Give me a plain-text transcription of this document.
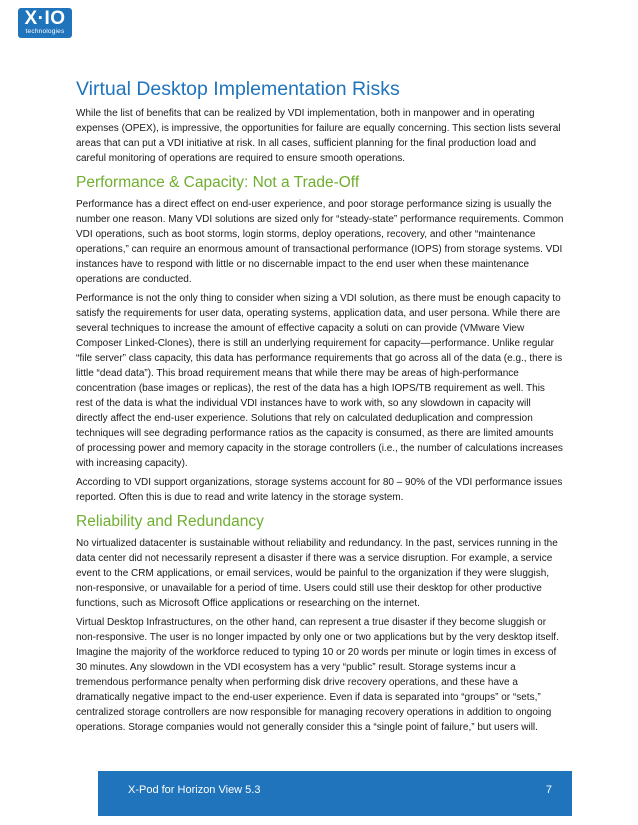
X·IO
technologies
Virtual Desktop Implementation Risks

While the list of benefits that can be realized by VDI implementation, both in manpower and in operating expenses (OPEX), is impressive, the opportunities for failure are equally concerning. This section lists several areas that can put a VDI initiative at risk. In all cases, sufficient planning for the final production load and careful monitoring of operations are required to ensure smooth operations.

Performance & Capacity: Not a Trade-Off

Performance has a direct effect on end-user experience, and poor storage performance sizing is usually the number one reason. Many VDI solutions are sized only for “steady-state” performance requirements. Common VDI operations, such as boot storms, login storms, deploy operations, recovery, and other “maintenance operations,” can require an enormous amount of transactional performance (IOPS) from storage systems. VDI instances have to respond with little or no discernable impact to the end user when these maintenance operations are conducted.

Performance is not the only thing to consider when sizing a VDI solution, as there must be enough capacity to satisfy the requirements for user data, operating systems, application data, and user persona. While there are several techniques to increase the amount of effective capacity a soluti on can provide (VMware View Composer Linked-Clones), there is still an underlying requirement for capacity—performance. Unlike regular “file server” class capacity, this data has performance requirements that go across all of the data (e.g., there is little “dead data”). This broad requirement means that while there may be areas of high-performance concentration (base images or replicas), the rest of the data has a high IOPS/TB requirement as well. This rest of the data is what the individual VDI instances have to work with, so any slowdown in capacity will directly affect the end-user experience. Solutions that rely on calculated deduplication and compression techniques will see degrading performance ratios as the capacity is consumed, as there are limited amounts of processing power and memory capacity in the storage controllers (i.e., the number of calculations increases with increasing capacity).

According to VDI support organizations, storage systems account for 80 – 90% of the VDI performance issues reported. Often this is due to read and write latency in the storage system.

Reliability and Redundancy

No virtualized datacenter is sustainable without reliability and redundancy. In the past, services running in the data center did not necessarily represent a disaster if there was a service disruption. For example, a service event to the CRM applications, or email services, would be painful to the organization if they were sluggish, non-responsive, or unavailable for a period of time. Users could still use their desktop for other productive functions, such as Microsoft Office applications or researching on the internet.

Virtual Desktop Infrastructures, on the other hand, can represent a true disaster if they become sluggish or non-responsive. The user is no longer impacted by only one or two applications but by the very desktop itself. Imagine the majority of the workforce reduced to typing 10 or 20 words per minute or login times in excess of 30 minutes. Any slowdown in the VDI ecosystem has a very “public” result. Storage systems incur a tremendous performance penalty when performing disk drive recovery operations, and these have a dramatically negative impact to the end-user experience. Even if data is separated into “groups” or “sets,” centralized storage controllers are now responsible for managing recovery operations in addition to ongoing operations. Storage companies would not generally consider this a “single point of failure,” but users will.

X-Pod for Horizon View 5.3	7
